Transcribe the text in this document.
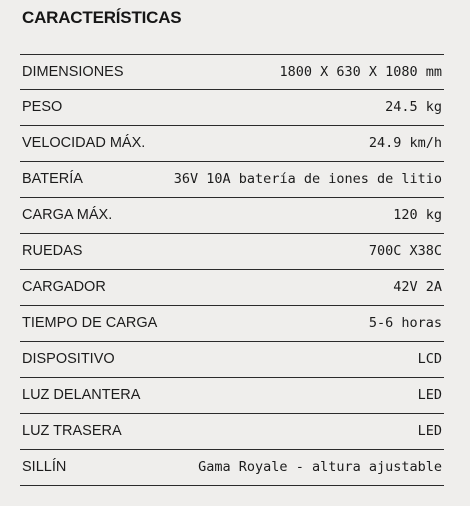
CARACTERÍSTICAS
DIMENSIONES	1800 X 630 X 1080 mm
PESO	24.5 kg
VELOCIDAD MÁX.	24.9 km/h
BATERÍA	36V 10A batería de iones de litio
CARGA MÁX.	120 kg
RUEDAS	700C X38C
CARGADOR	42V 2A
TIEMPO DE CARGA	5-6 horas
DISPOSITIVO	LCD
LUZ DELANTERA	LED
LUZ TRASERA	LED
SILLÍN	Gama Royale - altura ajustable
